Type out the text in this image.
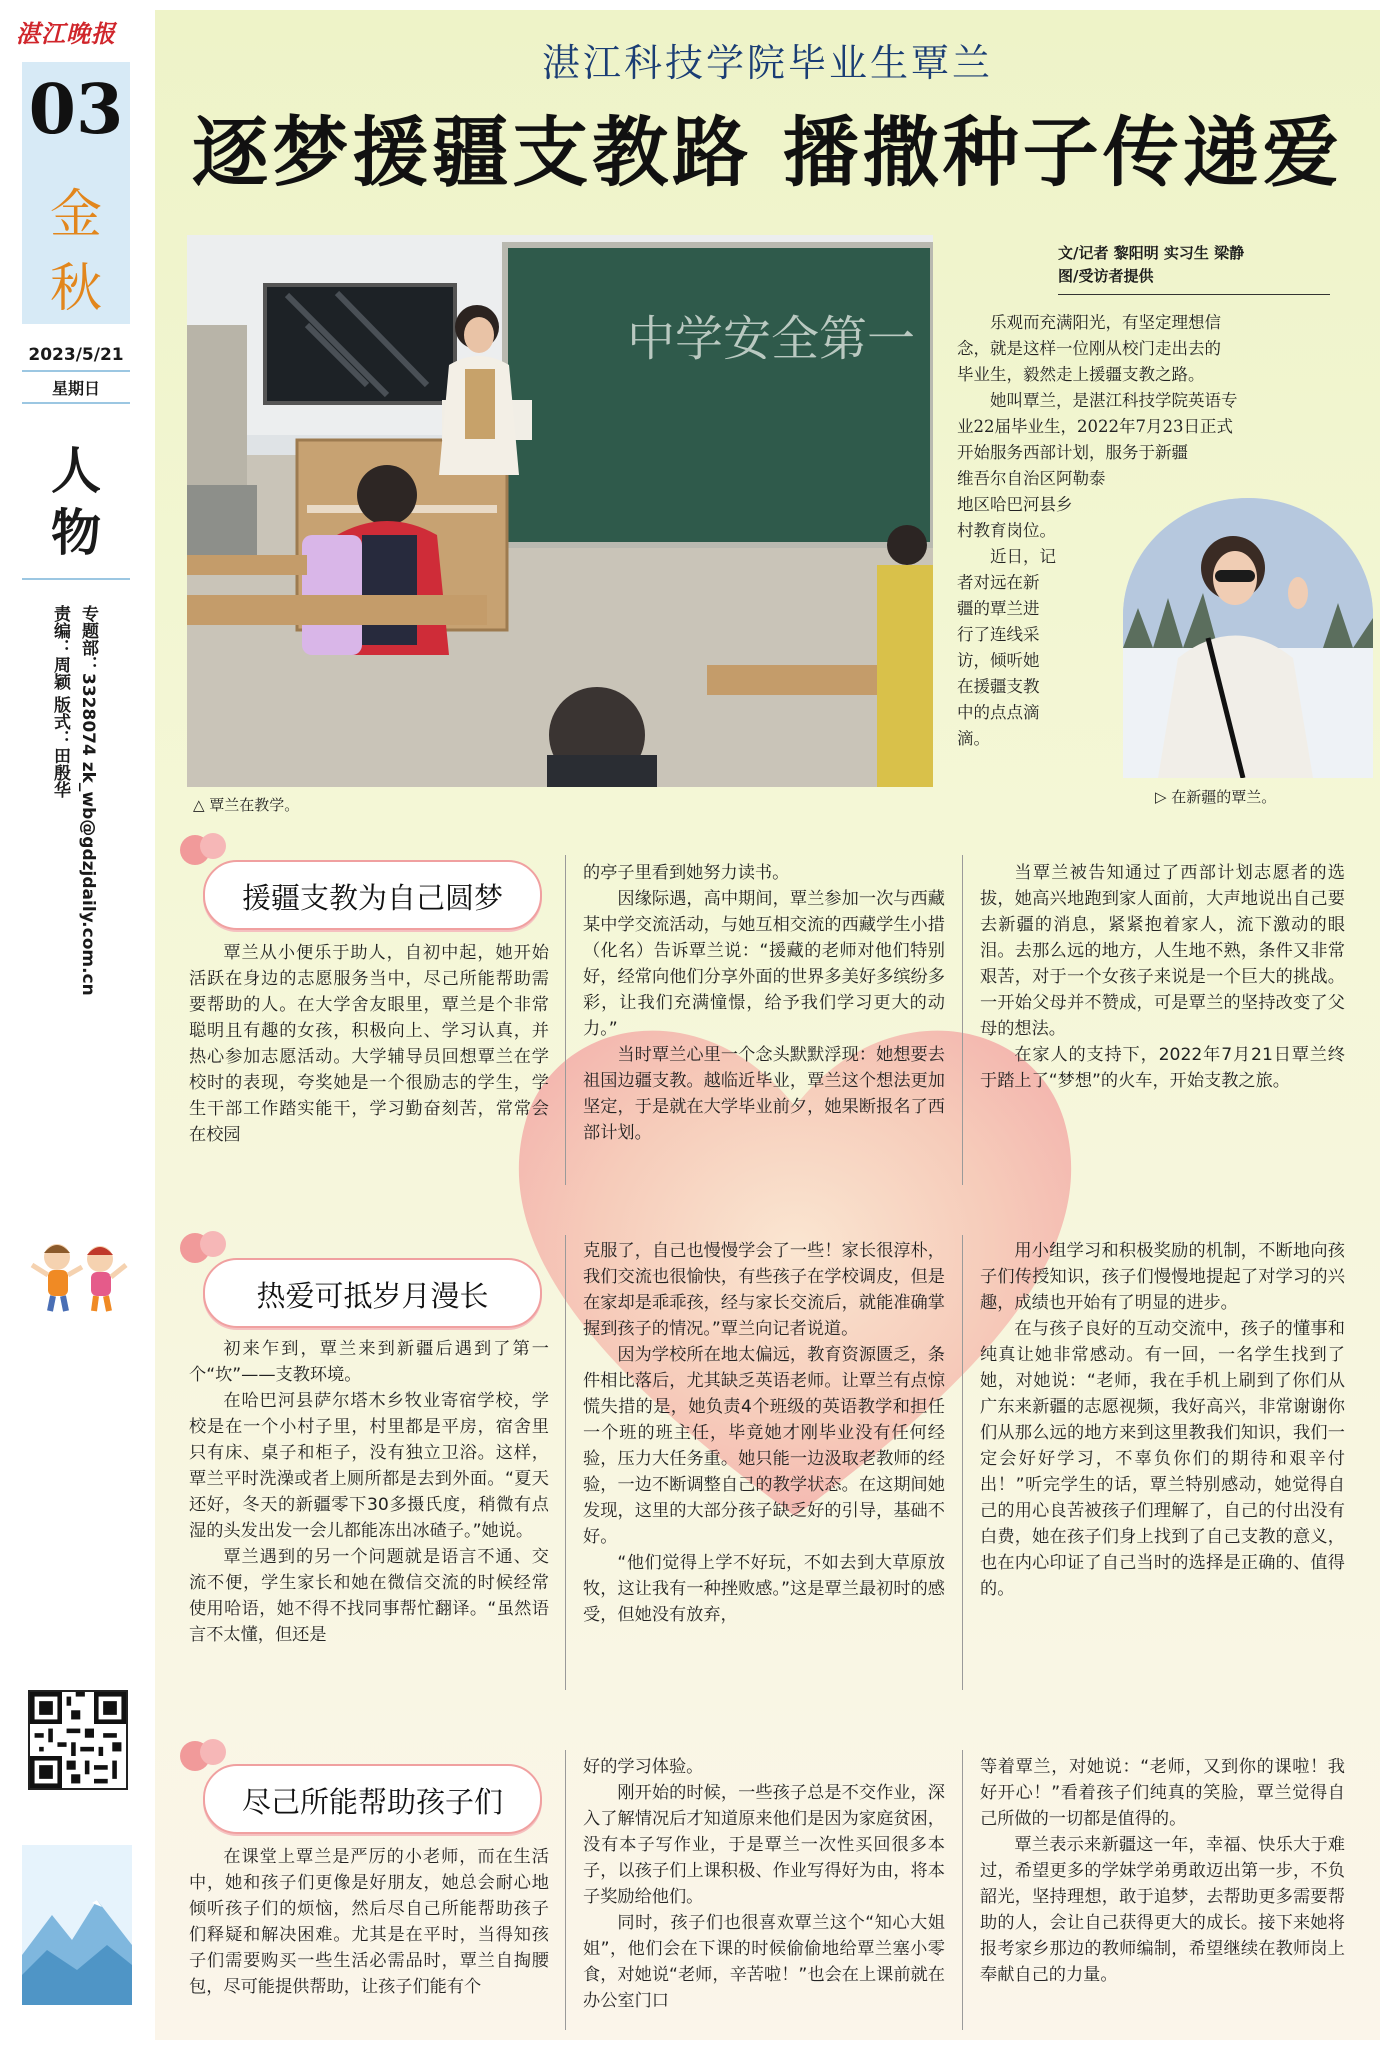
湛江晚报
03
金
秋
2023/5/21
星期日
人
物
专题部：3328074 zk_wb@gdzjdaily.com.cn
责编：周颖 版式：田殷华
湛江科技学院毕业生覃兰
逐梦援疆支教路 播撒种子传递爱
中学安全第一
△ 覃兰在教学。
文/记者 黎阳明 实习生 梁静
图/受访者提供
乐观而充满阳光，有坚定理想信
念，就是这样一位刚从校门走出去的
毕业生，毅然走上援疆支教之路。
她叫覃兰，是湛江科技学院英语专
业22届毕业生，2022年7月23日正式
开始服务西部计划，服务于新疆
维吾尔自治区阿勒泰
地区哈巴河县乡
村教育岗位。
近日，记
者对远在新
疆的覃兰进
行了连线采
访，倾听她
在援疆支教
中的点点滴
滴。
▷ 在新疆的覃兰。
援疆支教为自己圆梦

覃兰从小便乐于助人，自初中起，她开始活跃在身边的志愿服务当中，尽己所能帮助需要帮助的人。在大学舍友眼里，覃兰是个非常聪明且有趣的女孩，积极向上、学习认真，并热心参加志愿活动。大学辅导员回想覃兰在学校时的表现，夸奖她是一个很励志的学生，学生干部工作踏实能干，学习勤奋刻苦，常常会在校园

的亭子里看到她努力读书。

因缘际遇，高中期间，覃兰参加一次与西藏某中学交流活动，与她互相交流的西藏学生小措（化名）告诉覃兰说：“援藏的老师对他们特别好，经常向他们分享外面的世界多美好多缤纷多彩，让我们充满憧憬，给予我们学习更大的动力。”

当时覃兰心里一个念头默默浮现：她想要去祖国边疆支教。越临近毕业，覃兰这个想法更加坚定，于是就在大学毕业前夕，她果断报名了西部计划。

当覃兰被告知通过了西部计划志愿者的选拔，她高兴地跑到家人面前，大声地说出自己要去新疆的消息，紧紧抱着家人，流下激动的眼泪。去那么远的地方，人生地不熟，条件又非常艰苦，对于一个女孩子来说是一个巨大的挑战。一开始父母并不赞成，可是覃兰的坚持改变了父母的想法。

在家人的支持下，2022年7月21日覃兰终于踏上了“梦想”的火车，开始支教之旅。

热爱可抵岁月漫长

初来乍到，覃兰来到新疆后遇到了第一个“坎”——支教环境。

在哈巴河县萨尔塔木乡牧业寄宿学校，学校是在一个小村子里，村里都是平房，宿舍里只有床、桌子和柜子，没有独立卫浴。这样，覃兰平时洗澡或者上厕所都是去到外面。“夏天还好，冬天的新疆零下30多摄氏度，稍微有点湿的头发出发一会儿都能冻出冰碴子。”她说。

覃兰遇到的另一个问题就是语言不通、交流不便，学生家长和她在微信交流的时候经常使用哈语，她不得不找同事帮忙翻译。“虽然语言不太懂，但还是

克服了，自己也慢慢学会了一些！家长很淳朴，我们交流也很愉快，有些孩子在学校调皮，但是在家却是乖乖孩，经与家长交流后，就能准确掌握到孩子的情况。”覃兰向记者说道。

因为学校所在地太偏远，教育资源匮乏，条件相比落后，尤其缺乏英语老师。让覃兰有点惊慌失措的是，她负责4个班级的英语教学和担任一个班的班主任，毕竟她才刚毕业没有任何经验，压力大任务重。她只能一边汲取老教师的经验，一边不断调整自己的教学状态。在这期间她发现，这里的大部分孩子缺乏好的引导，基础不好。

“他们觉得上学不好玩，不如去到大草原放牧，这让我有一种挫败感。”这是覃兰最初时的感受，但她没有放弃，

用小组学习和积极奖励的机制，不断地向孩子们传授知识，孩子们慢慢地提起了对学习的兴趣，成绩也开始有了明显的进步。

在与孩子良好的互动交流中，孩子的懂事和纯真让她非常感动。有一回，一名学生找到了她，对她说：“老师，我在手机上刷到了你们从广东来新疆的志愿视频，我好高兴，非常谢谢你们从那么远的地方来到这里教我们知识，我们一定会好好学习，不辜负你们的期待和艰辛付出！”听完学生的话，覃兰特别感动，她觉得自己的用心良苦被孩子们理解了，自己的付出没有白费，她在孩子们身上找到了自己支教的意义，也在内心印证了自己当时的选择是正确的、值得的。

尽己所能帮助孩子们

在课堂上覃兰是严厉的小老师，而在生活中，她和孩子们更像是好朋友，她总会耐心地倾听孩子们的烦恼，然后尽自己所能帮助孩子们释疑和解决困难。尤其是在平时，当得知孩子们需要购买一些生活必需品时，覃兰自掏腰包，尽可能提供帮助，让孩子们能有个

好的学习体验。

刚开始的时候，一些孩子总是不交作业，深入了解情况后才知道原来他们是因为家庭贫困，没有本子写作业，于是覃兰一次性买回很多本子，以孩子们上课积极、作业写得好为由，将本子奖励给他们。

同时，孩子们也很喜欢覃兰这个“知心大姐姐”，他们会在下课的时候偷偷地给覃兰塞小零食，对她说“老师，辛苦啦！”也会在上课前就在办公室门口

等着覃兰，对她说：“老师，又到你的课啦！我好开心！”看着孩子们纯真的笑脸，覃兰觉得自己所做的一切都是值得的。

覃兰表示来新疆这一年，幸福、快乐大于难过，希望更多的学妹学弟勇敢迈出第一步，不负韶光，坚持理想，敢于追梦，去帮助更多需要帮助的人，会让自己获得更大的成长。接下来她将报考家乡那边的教师编制，希望继续在教师岗上奉献自己的力量。
